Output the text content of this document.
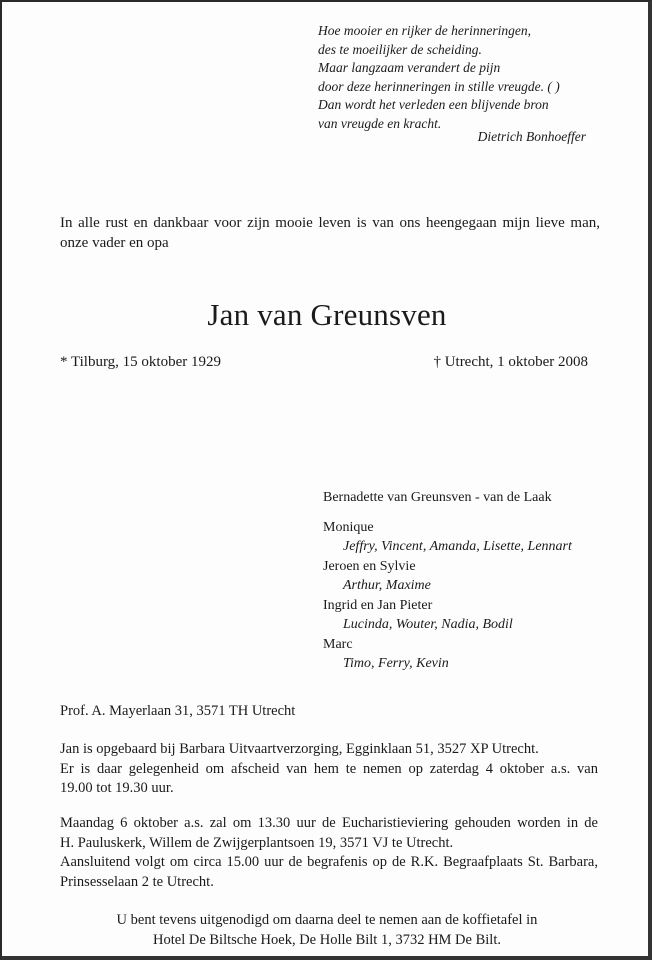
Hoe mooier en rijker de herinneringen,
des te moeilijker de scheiding.
Maar langzaam verandert de pijn
door deze herinneringen in stille vreugde. ( )
Dan wordt het verleden een blijvende bron
van vreugde en kracht.
Dietrich Bonhoeffer
In alle rust en dankbaar voor zijn mooie leven is van ons heengegaan mijn lieve man,
onze vader en opa
Jan van Greunsven
* Tilburg, 15 oktober 1929	† Utrecht, 1 oktober 2008
Bernadette van Greunsven - van de Laak
Monique
Jeffry, Vincent, Amanda, Lisette, Lennart
Jeroen en Sylvie
Arthur, Maxime
Ingrid en Jan Pieter
Lucinda, Wouter, Nadia, Bodil
Marc
Timo, Ferry, Kevin
Prof. A. Mayerlaan 31, 3571 TH Utrecht
Jan is opgebaard bij Barbara Uitvaartverzorging, Egginklaan 51, 3527 XP Utrecht.
Er is daar gelegenheid om afscheid van hem te nemen op zaterdag 4 oktober a.s. van
19.00 tot 19.30 uur.
Maandag 6 oktober a.s. zal om 13.30 uur de Eucharistieviering gehouden worden in de
H. Pauluskerk, Willem de Zwijgerplantsoen 19, 3571 VJ te Utrecht.
Aansluitend volgt om circa 15.00 uur de begrafenis op de R.K. Begraafplaats St. Barbara,
Prinsesselaan 2 te Utrecht.
U bent tevens uitgenodigd om daarna deel te nemen aan de koffietafel in
Hotel De Biltsche Hoek, De Holle Bilt 1, 3732 HM De Bilt.
